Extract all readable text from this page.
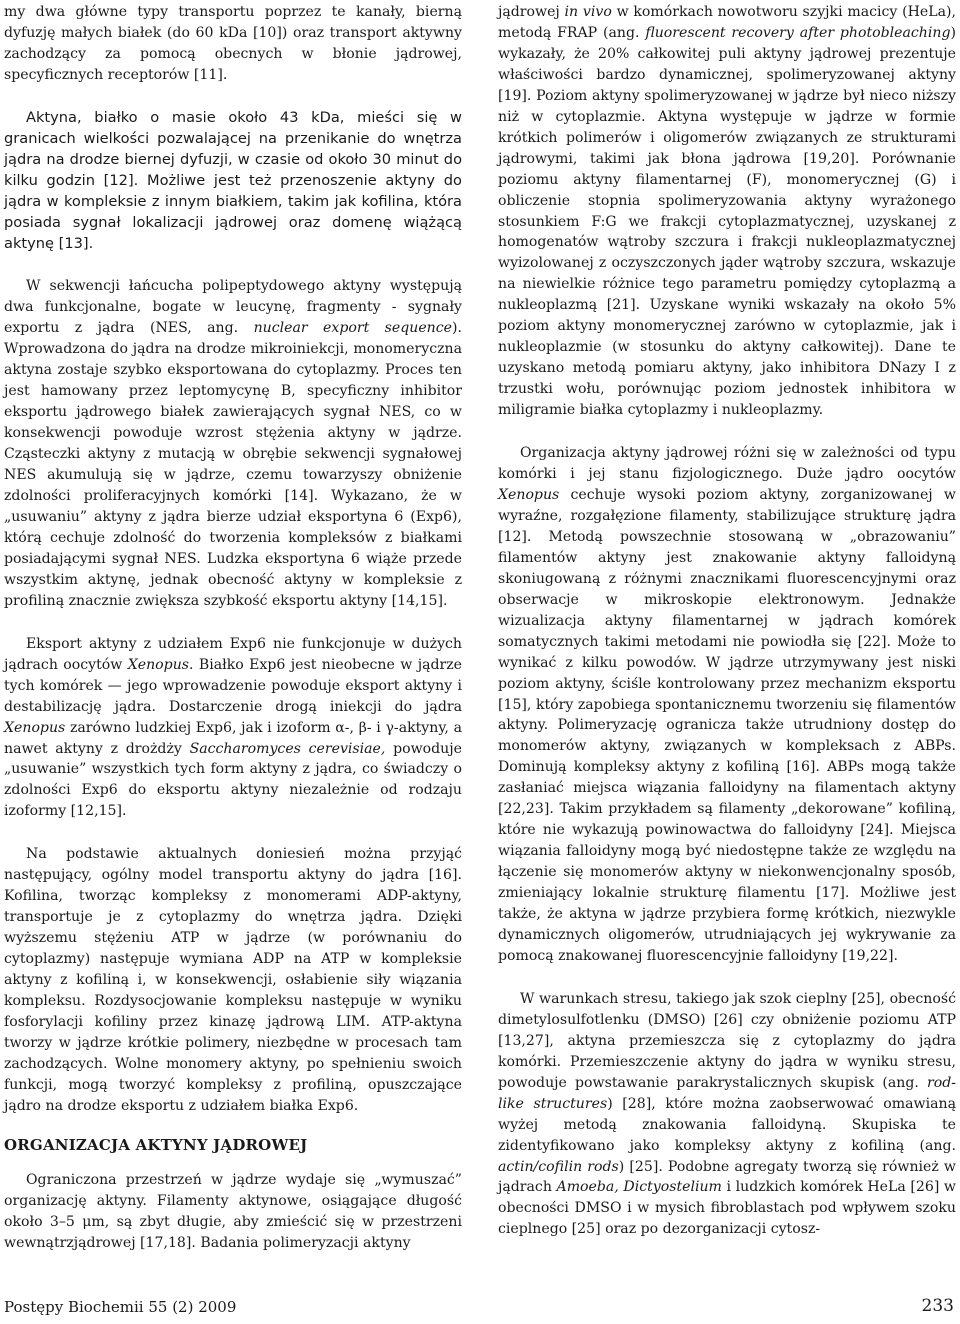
my dwa główne typy transportu poprzez te kanały, bierną dyfuzję małych białek (do 60 kDa [10]) oraz transport aktywny zachodzący za pomocą obecnych w błonie jądrowej, specyficznych receptorów [11].

Aktyna, białko o masie około 43 kDa, mieści się w granicach wielkości pozwalającej na przenikanie do wnętrza jądra na drodze biernej dyfuzji, w czasie od około 30 minut do kilku godzin [12]. Możliwe jest też przenoszenie aktyny do jądra w kompleksie z innym białkiem, takim jak kofilina, która posiada sygnał lokalizacji jądrowej oraz domenę wiążącą aktynę [13].

W sekwencji łańcucha polipeptydowego aktyny występują dwa funkcjonalne, bogate w leucynę, fragmenty - sygnały exportu z jądra (NES, ang. nuclear export sequence). Wprowadzona do jądra na drodze mikroiniekcji, monomeryczna aktyna zostaje szybko eksportowana do cytoplazmy. Proces ten jest hamowany przez leptomycynę B, specyficzny inhibitor eksportu jądrowego białek zawierających sygnał NES, co w konsekwencji powoduje wzrost stężenia aktyny w jądrze. Cząsteczki aktyny z mutacją w obrębie sekwencji sygnałowej NES akumulują się w jądrze, czemu towarzyszy obniżenie zdolności proliferacyjnych komórki [14]. Wykazano, że w „usuwaniu” aktyny z jądra bierze udział eksportyna 6 (Exp6), którą cechuje zdolność do tworzenia kompleksów z białkami posiadającymi sygnał NES. Ludzka eksportyna 6 wiąże przede wszystkim aktynę, jednak obecność aktyny w kompleksie z profiliną znacznie zwiększa szybkość eksportu aktyny [14,15].

Eksport aktyny z udziałem Exp6 nie funkcjonuje w dużych jądrach oocytów Xenopus. Białko Exp6 jest nieobecne w jądrze tych komórek — jego wprowadzenie powoduje eksport aktyny i destabilizację jądra. Dostarczenie drogą iniekcji do jądra Xenopus zarówno ludzkiej Exp6, jak i izoform α-, β- i γ-aktyny, a nawet aktyny z drożdży Saccharomyces cerevisiae, powoduje „usuwanie” wszystkich tych form aktyny z jądra, co świadczy o zdolności Exp6 do eksportu aktyny niezależnie od rodzaju izoformy [12,15].

Na podstawie aktualnych doniesień można przyjąć następujący, ogólny model transportu aktyny do jądra [16]. Kofilina, tworząc kompleksy z monomerami ADP-aktyny, transportuje je z cytoplazmy do wnętrza jądra. Dzięki wyższemu stężeniu ATP w jądrze (w porównaniu do cytoplazmy) następuje wymiana ADP na ATP w kompleksie aktyny z kofiliną i, w konsekwencji, osłabienie siły wiązania kompleksu. Rozdysocjowanie kompleksu następuje w wyniku fosforylacji kofiliny przez kinazę jądrową LIM. ATP-aktyna tworzy w jądrze krótkie polimery, niezbędne w procesach tam zachodzących. Wolne monomery aktyny, po spełnieniu swoich funkcji, mogą tworzyć kompleksy z profiliną, opuszczające jądro na drodze eksportu z udziałem białka Exp6.

ORGANIZACJA AKTYNY JĄDROWEJ

Ograniczona przestrzeń w jądrze wydaje się „wymuszać” organizację aktyny. Filamenty aktynowe, osiągające długość około 3–5 μm, są zbyt długie, aby zmieścić się w przestrzeni wewnątrzjądrowej [17,18]. Badania polimeryzacji aktyny

jądrowej in vivo w komórkach nowotworu szyjki macicy (HeLa), metodą FRAP (ang. fluorescent recovery after photobleaching) wykazały, że 20% całkowitej puli aktyny jądrowej prezentuje właściwości bardzo dynamicznej, spolimeryzowanej aktyny [19]. Poziom aktyny spolimeryzowanej w jądrze był nieco niższy niż w cytoplazmie. Aktyna występuje w jądrze w formie krótkich polimerów i oligomerów związanych ze strukturami jądrowymi, takimi jak błona jądrowa [19,20]. Porównanie poziomu aktyny filamentarnej (F), monomerycznej (G) i obliczenie stopnia spolimeryzowania aktyny wyrażonego stosunkiem F:G we frakcji cytoplazmatycznej, uzyskanej z homogenatów wątroby szczura i frakcji nukleoplazmatycznej wyizolowanej z oczyszczonych jąder wątroby szczura, wskazuje na niewielkie różnice tego parametru pomiędzy cytoplazmą a nukleoplazmą [21]. Uzyskane wyniki wskazały na około 5% poziom aktyny monomerycznej zarówno w cytoplazmie, jak i nukleoplazmie (w stosunku do aktyny całkowitej). Dane te uzyskano metodą pomiaru aktyny, jako inhibitora DNazy I z trzustki wołu, porównując poziom jednostek inhibitora w miligramie białka cytoplazmy i nukleoplazmy.

Organizacja aktyny jądrowej różni się w zależności od typu komórki i jej stanu fizjologicznego. Duże jądro oocytów Xenopus cechuje wysoki poziom aktyny, zorganizowanej w wyraźne, rozgałęzione filamenty, stabilizujące strukturę jądra [12]. Metodą powszechnie stosowaną w „obrazowaniu” filamentów aktyny jest znakowanie aktyny falloidyną skoniugowaną z różnymi znacznikami fluorescencyjnymi oraz obserwacje w mikroskopie elektronowym. Jednakże wizualizacja aktyny filamentarnej w jądrach komórek somatycznych takimi metodami nie powiodła się [22]. Może to wynikać z kilku powodów. W jądrze utrzymywany jest niski poziom aktyny, ściśle kontrolowany przez mechanizm eksportu [15], który zapobiega spontanicznemu tworzeniu się filamentów aktyny. Polimeryzację ogranicza także utrudniony dostęp do monomerów aktyny, związanych w kompleksach z ABPs. Dominują kompleksy aktyny z kofiliną [16]. ABPs mogą także zasłaniać miejsca wiązania falloidyny na filamentach aktyny [22,23]. Takim przykładem są filamenty „dekorowane” kofiliną, które nie wykazują powinowactwa do falloidyny [24]. Miejsca wiązania falloidyny mogą być niedostępne także ze względu na łączenie się monomerów aktyny w niekonwencjonalny sposób, zmieniający lokalnie strukturę filamentu [17]. Możliwe jest także, że aktyna w jądrze przybiera formę krótkich, niezwykle dynamicznych oligomerów, utrudniających jej wykrywanie za pomocą znakowanej fluorescencyjnie falloidyny [19,22].

W warunkach stresu, takiego jak szok cieplny [25], obecność dimetylosulfotlenku (DMSO) [26] czy obniżenie poziomu ATP [13,27], aktyna przemieszcza się z cytoplazmy do jądra komórki. Przemieszczenie aktyny do jądra w wyniku stresu, powoduje powstawanie parakrystalicznych skupisk (ang. rod-like structures) [28], które można zaobserwować omawianą wyżej metodą znakowania falloidyną. Skupiska te zidentyfikowano jako kompleksy aktyny z kofiliną (ang. actin/cofilin rods) [25]. Podobne agregaty tworzą się również w jądrach Amoeba, Dictyostelium i ludzkich komórek HeLa [26] w obecności DMSO i w mysich fibroblastach pod wpływem szoku cieplnego [25] oraz po dezorganizacji cytosz-

Postępy Biochemii 55 (2) 2009	233
